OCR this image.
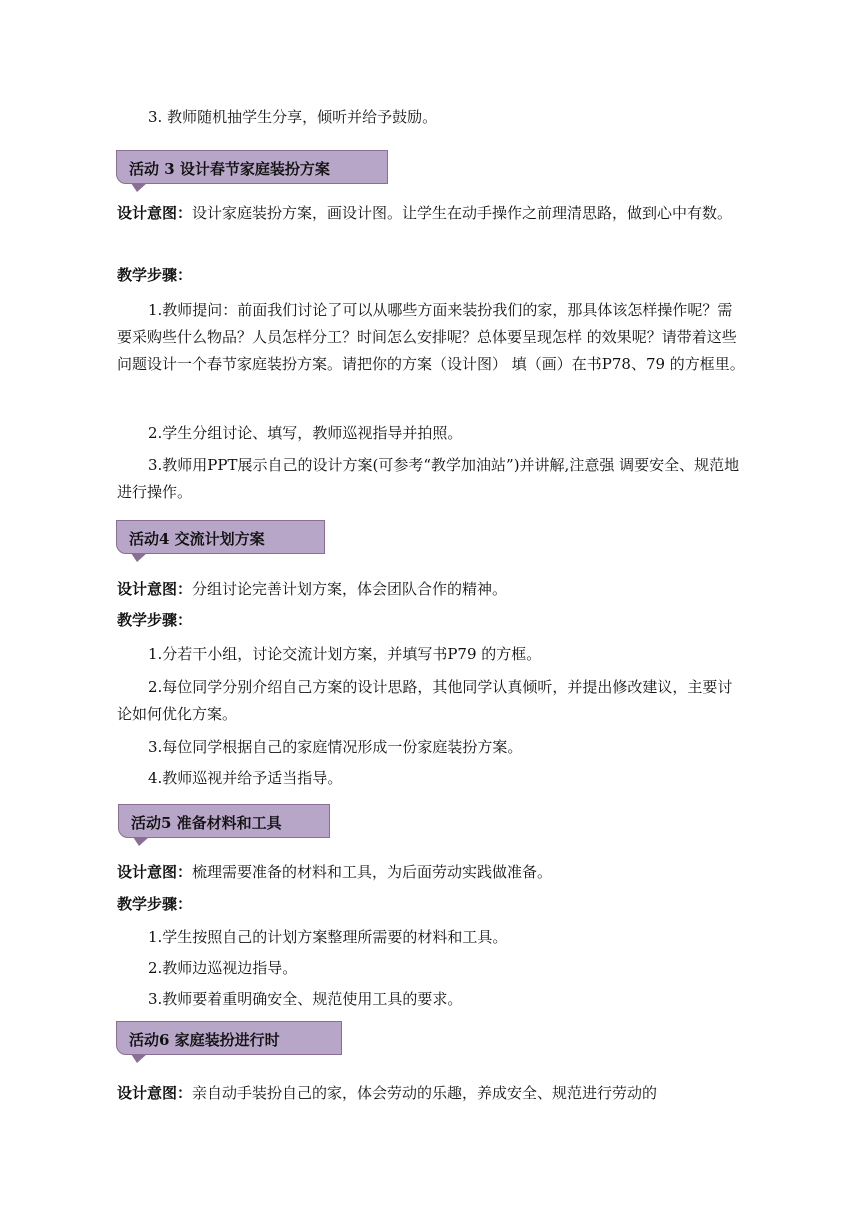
3. 教师随机抽学生分享，倾听并给予鼓励。

活动 3 设计春节家庭装扮方案

设计意图：设计家庭装扮方案，画设计图。让学生在动手操作之前理清思路，做到心中有数。

教学步骤：

1.教师提问：前面我们讨论了可以从哪些方面来装扮我们的家，那具体该怎样操作呢？需要采购些什么物品？人员怎样分工？时间怎么安排呢？总体要呈现怎样 的效果呢？请带着这些问题设计一个春节家庭装扮方案。请把你的方案（设计图） 填（画）在书P78、79 的方框里。

2.学生分组讨论、填写，教师巡视指导并拍照。

3.教师用PPT展示自己的设计方案(可参考“教学加油站”)并讲解,注意强 调要安全、规范地进行操作。

活动4 交流计划方案

设计意图：分组讨论完善计划方案，体会团队合作的精神。

教学步骤：

1.分若干小组，讨论交流计划方案，并填写书P79 的方框。

2.每位同学分别介绍自己方案的设计思路，其他同学认真倾听，并提出修改建议，主要讨论如何优化方案。

3.每位同学根据自己的家庭情况形成一份家庭装扮方案。

4.教师巡视并给予适当指导。

活动5 准备材料和工具

设计意图：梳理需要准备的材料和工具，为后面劳动实践做准备。

教学步骤：

1.学生按照自己的计划方案整理所需要的材料和工具。

2.教师边巡视边指导。

3.教师要着重明确安全、规范使用工具的要求。

活动6 家庭装扮进行时

设计意图：亲自动手装扮自己的家，体会劳动的乐趣，养成安全、规范进行劳动的
